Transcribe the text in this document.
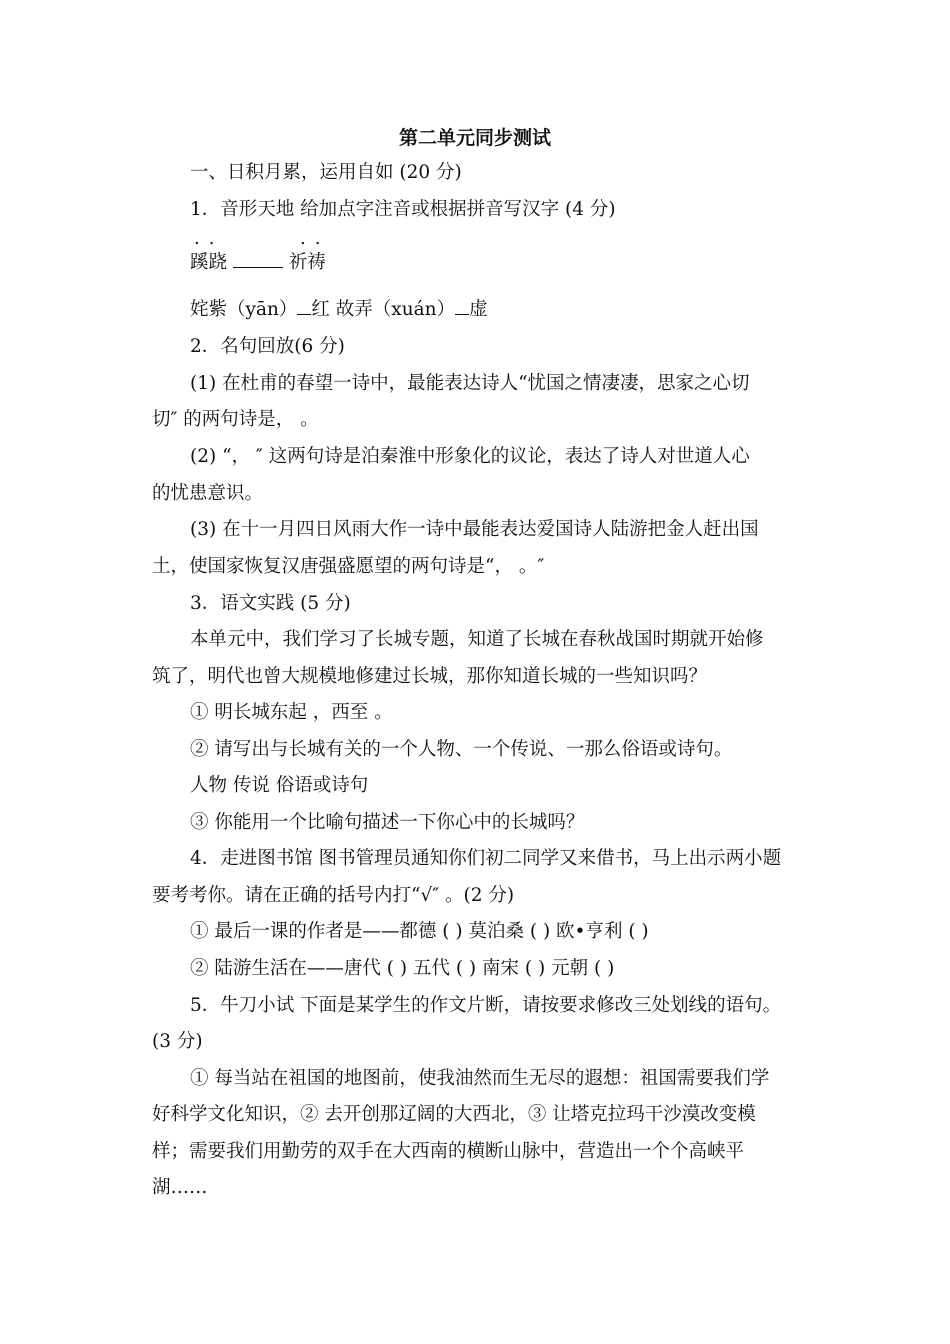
第二单元同步测试
一、日积月累，运用自如 (20 分)
1．音形天地 给加点字注音或根据拼音写汉字 (4 分)
..	..
蹊跷	祈祷
姹紫（yān） 红 故弄（xuán） 虚
2．名句回放(6 分)
(1) 在杜甫的春望一诗中，最能表达诗人“忧国之情凄凄，思家之心切
切″ 的两句诗是， 。
(2) “， ″ 这两句诗是泊秦淮中形象化的议论，表达了诗人对世道人心
的忧患意识。
(3) 在十一月四日风雨大作一诗中最能表达爱国诗人陆游把金人赶出国
土，使国家恢复汉唐强盛愿望的两句诗是“， 。″
3．语文实践 (5 分)
本单元中，我们学习了长城专题，知道了长城在春秋战国时期就开始修
筑了，明代也曾大规模地修建过长城，那你知道长城的一些知识吗？
① 明长城东起 ，西至 。
② 请写出与长城有关的一个人物、一个传说、一那么俗语或诗句。
人物 传说 俗语或诗句
③ 你能用一个比喻句描述一下你心中的长城吗？
4．走进图书馆 图书管理员通知你们初二同学又来借书，马上出示两小题
要考考你。请在正确的括号内打“√″ 。(2 分)
① 最后一课的作者是——都德 ( ) 莫泊桑 ( ) 欧•亨利 ( )
② 陆游生活在——唐代 ( ) 五代 ( ) 南宋 ( ) 元朝 ( )
5．牛刀小试 下面是某学生的作文片断，请按要求修改三处划线的语句。
(3 分)
① 每当站在祖国的地图前，使我油然而生无尽的遐想：祖国需要我们学
好科学文化知识，② 去开创那辽阔的大西北，③ 让塔克拉玛干沙漠改变模
样；需要我们用勤劳的双手在大西南的横断山脉中，营造出一个个高峡平
湖……
